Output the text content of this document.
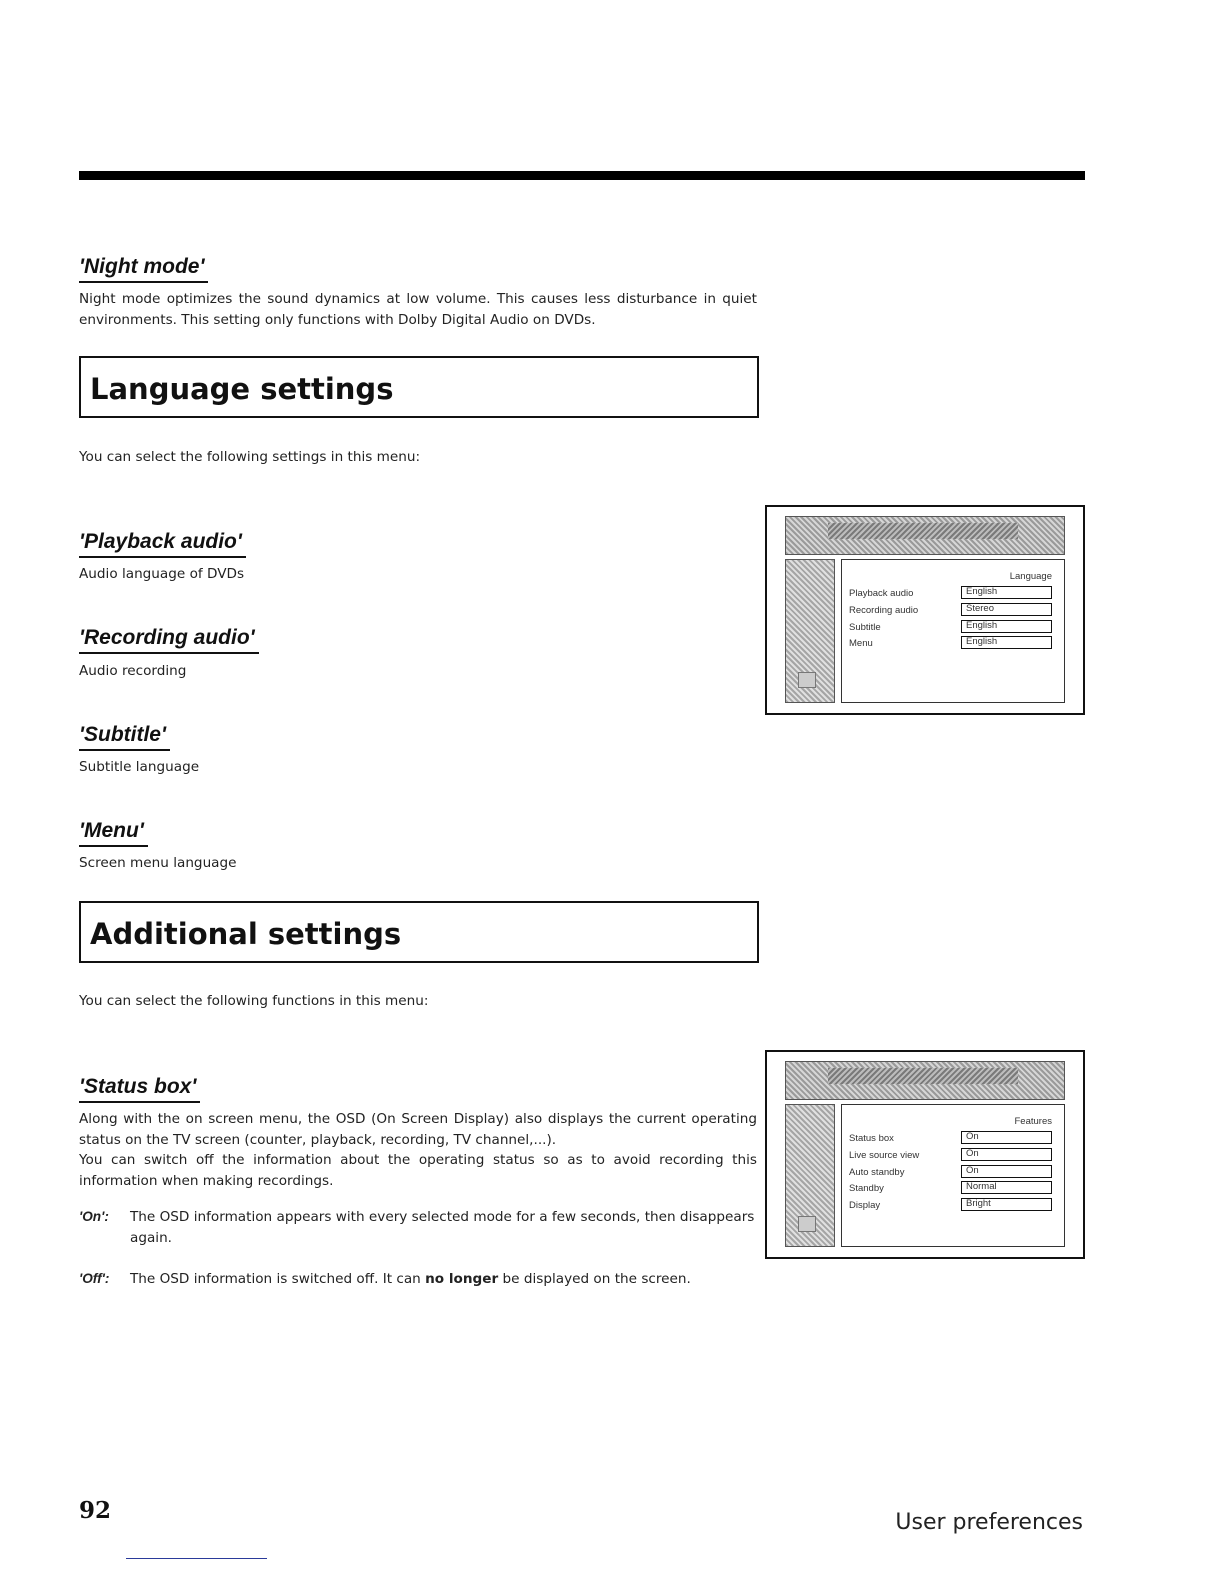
'Night mode'

Night mode optimizes the sound dynamics at low volume. This causes less disturbance in quiet environments. This setting only functions with Dolby Digital Audio on DVDs.

Language settings

You can select the following settings in this menu:

'Playback audio'

Audio language of DVDs

'Recording audio'

Audio recording

'Subtitle'

Subtitle language

'Menu'

Screen menu language

Language
Playback audio	English
Recording audio	Stereo
Subtitle	English
Menu	English
Additional settings

You can select the following functions in this menu:

'Status box'

Along with the on screen menu, the OSD (On Screen Display) also displays the current operating status on the TV screen (counter, playback, recording, TV channel,...).

You can switch off the information about the operating status so as to avoid recording this information when making recordings.

'On': The OSD information appears with every selected mode for a few seconds, then disappears again.
'Off': The OSD information is switched off. It can no longer be displayed on the screen.
Features
Status box	On
Live source view	On
Auto standby	On
Standby	Normal
Display	Bright

92	User preferences
